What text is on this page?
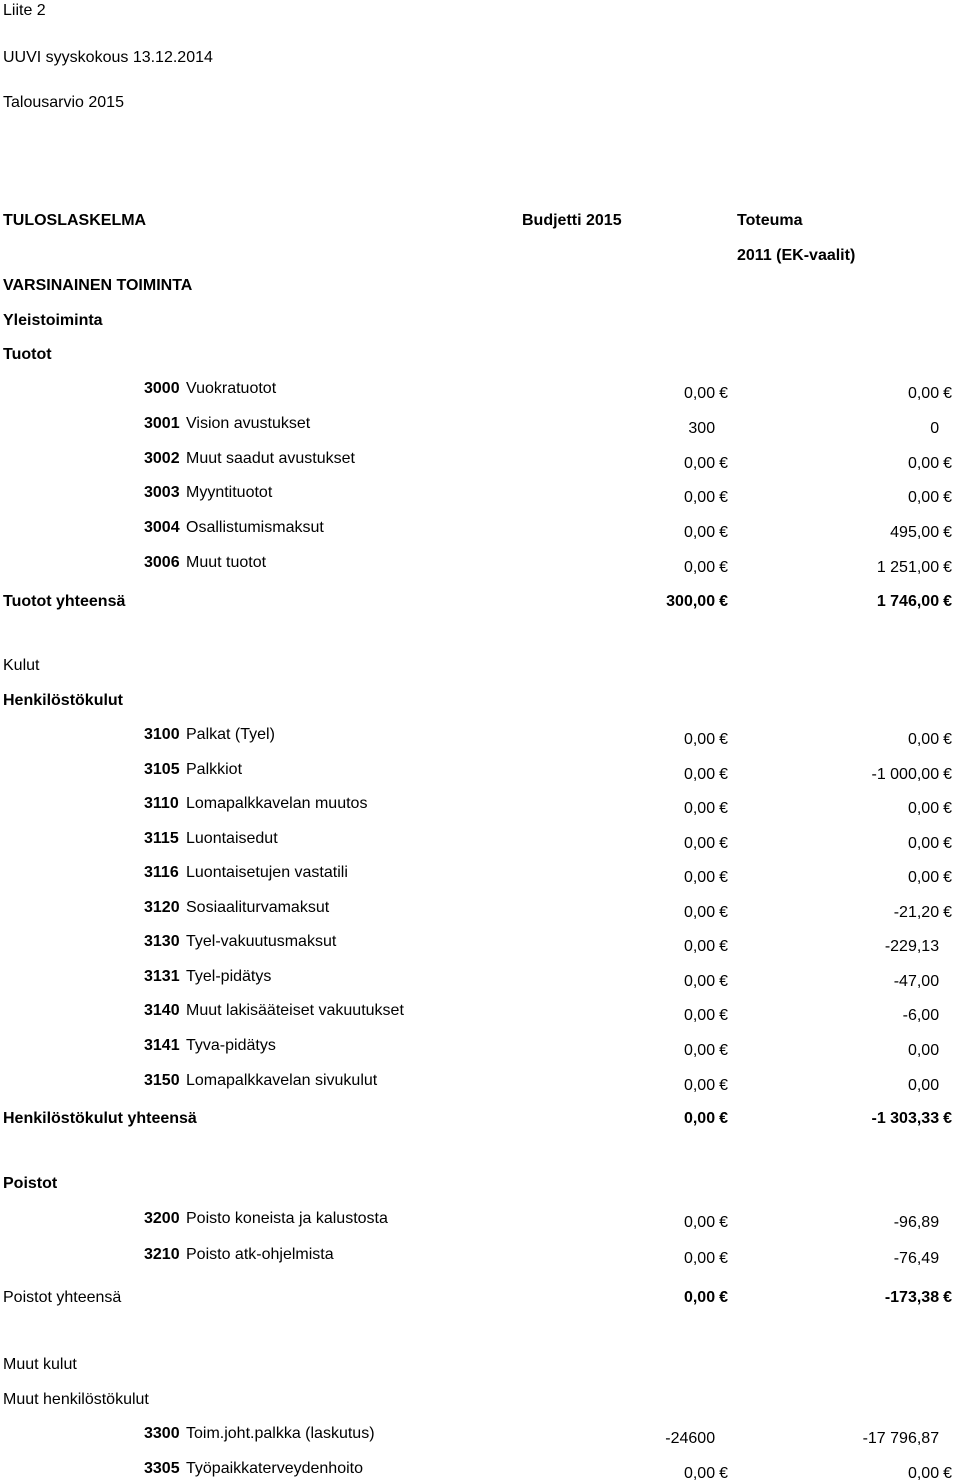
Liite 2
UUVI syyskokous 13.12.2014
Talousarvio 2015
TULOSLASKELMA	Budjetti 2015	Toteuma
2011 (EK-vaalit)
VARSINAINEN TOIMINTA
Yleistoiminta
Tuotot
3000 Vuokratuotot	0,00 €	0,00 €
3001 Vision avustukset	300	0
3002 Muut saadut avustukset	0,00 €	0,00 €
3003 Myyntituotot	0,00 €	0,00 €
3004 Osallistumismaksut	0,00 €	495,00 €
3006 Muut tuotot	0,00 €	1 251,00 €
Tuotot yhteensä	300,00 €	1 746,00 €
Kulut
Henkilöstökulut
3100 Palkat (Tyel)	0,00 €	0,00 €
3105 Palkkiot	0,00 €	-1 000,00 €
3110 Lomapalkkavelan muutos	0,00 €	0,00 €
3115 Luontaisedut	0,00 €	0,00 €
3116 Luontaisetujen vastatili	0,00 €	0,00 €
3120 Sosiaaliturvamaksut	0,00 €	-21,20 €
3130 Tyel-vakuutusmaksut	0,00 €	-229,13
3131 Tyel-pidätys	0,00 €	-47,00
3140 Muut lakisääteiset vakuutukset	0,00 €	-6,00
3141 Tyva-pidätys	0,00 €	0,00
3150 Lomapalkkavelan sivukulut	0,00 €	0,00
Henkilöstökulut yhteensä	0,00 €	-1 303,33 €
Poistot
3200 Poisto koneista ja kalustosta	0,00 €	-96,89
3210 Poisto atk-ohjelmista	0,00 €	-76,49
Poistot yhteensä	0,00 €	-173,38 €
Muut kulut
Muut henkilöstökulut
3300 Toim.joht.palkka (laskutus)	-24600	-17 796,87
3305 Työpaikkaterveydenhoito	0,00 €	0,00 €
